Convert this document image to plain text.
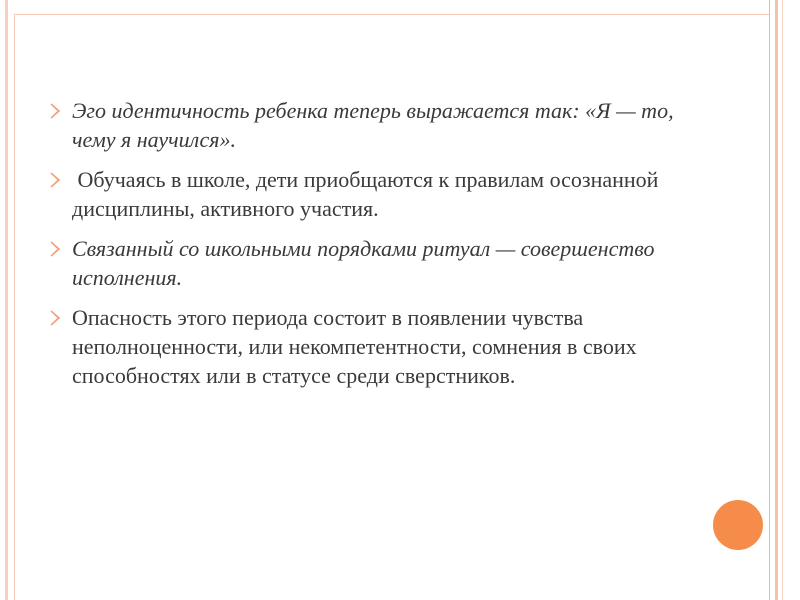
Эго идентичность ребенка теперь выражается так: «Я — то, чему я научился».
Обучаясь в школе, дети приобщаются к правилам осознанной дисциплины, активного участия.
Связанный со школьными порядками ритуал — совершенство исполнения.
Опасность этого периода состоит в появлении чувства неполноценности, или некомпетентности, сомнения в своих способностях или в статусе среди сверстников.
